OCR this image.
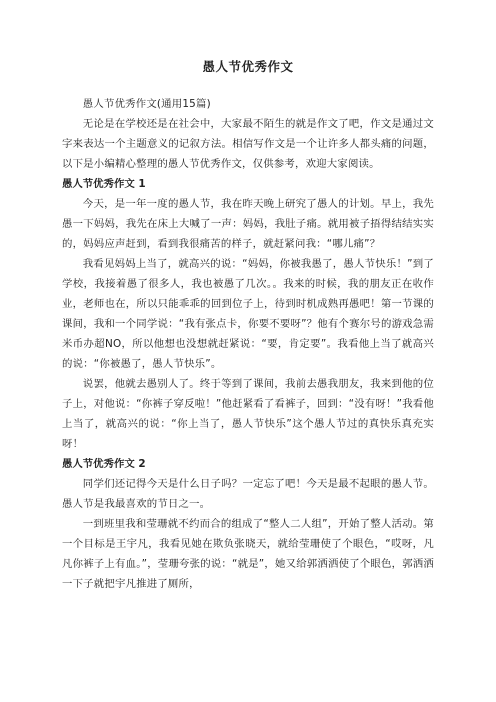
愚人节优秀作文

愚人节优秀作文(通用15篇)

无论是在学校还是在社会中，大家最不陌生的就是作文了吧，作文是通过文字来表达一个主题意义的记叙方法。相信写作文是一个让许多人都头痛的问题，以下是小编精心整理的愚人节优秀作文，仅供参考，欢迎大家阅读。

愚人节优秀作文 1

今天，是一年一度的愚人节，我在昨天晚上研究了愚人的计划。早上，我先愚一下妈妈，我先在床上大喊了一声：妈妈，我肚子痛。就用被子捂得结结实实的，妈妈应声赶到，看到我很痛苦的样子，就赶紧问我：“哪儿痛”？

我看见妈妈上当了，就高兴的说：“妈妈，你被我愚了，愚人节快乐！”到了学校，我接着愚了很多人，我也被愚了几次。。我来的时候，我的朋友正在收作业，老师也在，所以只能乖乖的回到位子上，待到时机成熟再愚吧！第一节课的课间，我和一个同学说：“我有张点卡，你要不要呀”？他有个赛尔号的游戏急需米币办超NO，所以他想也没想就赶紧说：“要，肯定要”。我看他上当了就高兴的说：“你被愚了，愚人节快乐”。

说罢，他就去愚别人了。终于等到了课间，我前去愚我朋友，我来到他的位子上，对他说：“你裤子穿反啦！”他赶紧看了看裤子，回到：“没有呀！”我看他上当了，就高兴的说：“你上当了，愚人节快乐”这个愚人节过的真快乐真充实呀！

愚人节优秀作文 2

同学们还记得今天是什么日子吗？一定忘了吧！今天是最不起眼的愚人节。愚人节是我最喜欢的节日之一。

一到班里我和莹珊就不约而合的组成了“整人二人组”，开始了整人活动。第一个目标是王宇凡，我看见她在欺负张晓天，就给莹珊使了个眼色，“哎呀，凡凡你裤子上有血。”，莹珊夸张的说：“就是”，她又给郭洒洒使了个眼色，郭洒洒一下子就把宇凡推进了厕所，
